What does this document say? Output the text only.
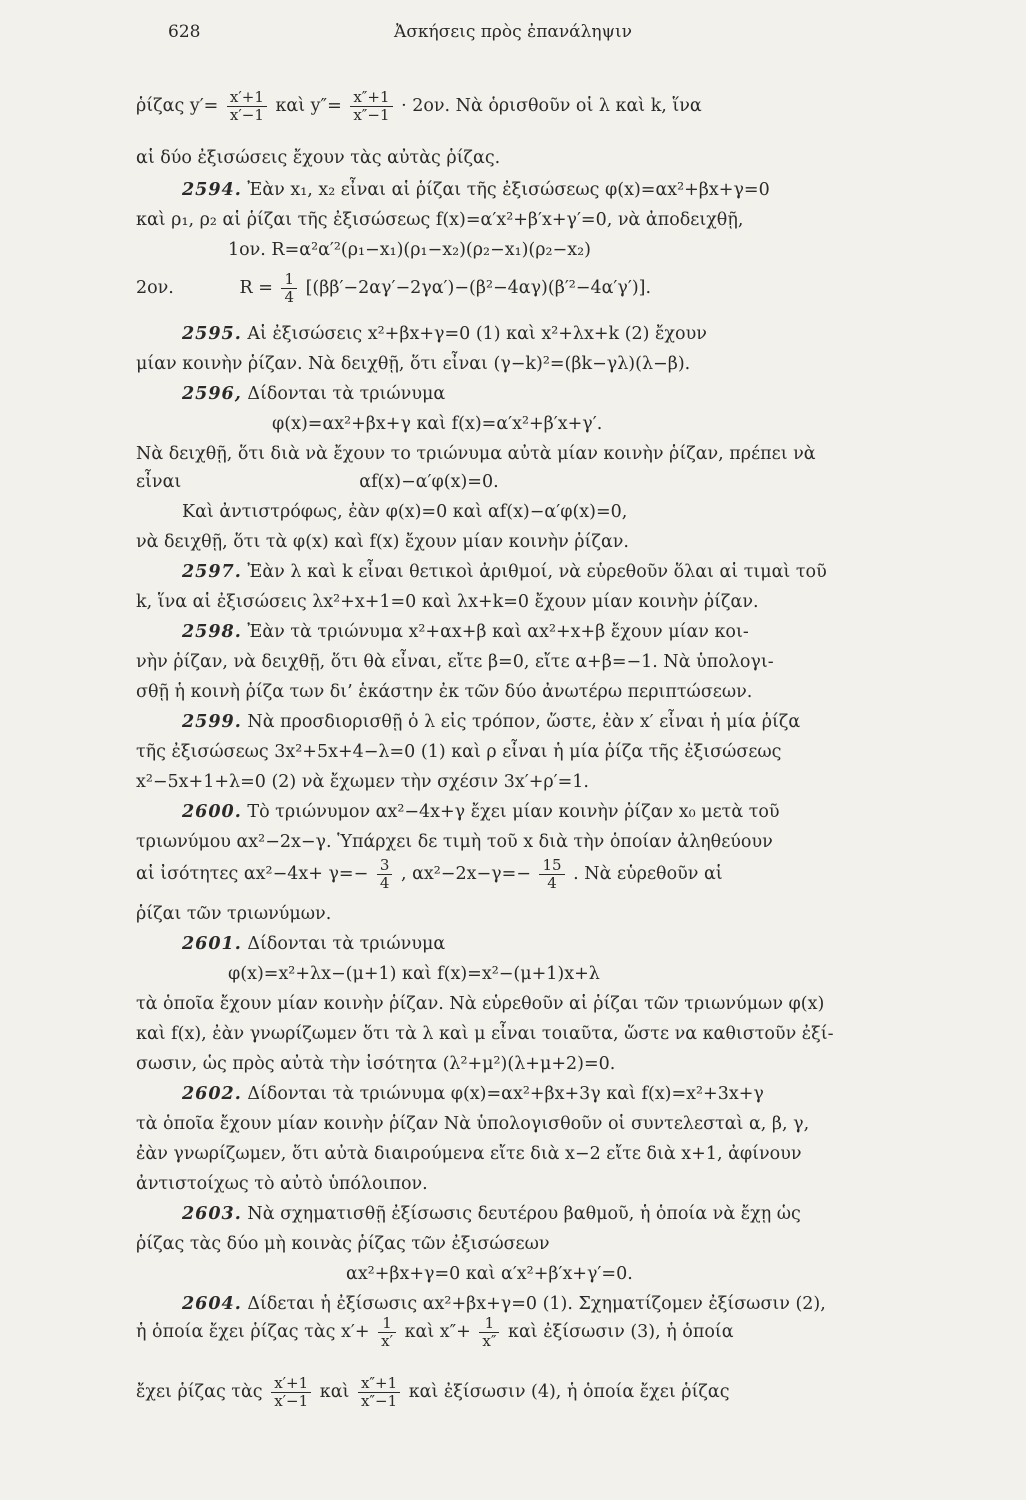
628	Ἀσκήσεις πρὸς ἐπανάληψιν
ῥίζας $y'= \frac{x'+1}{x'-1}$ καὶ $y''= \frac{x''+1}{x''-1} \cdot 2o\nu$. Νὰ ὁρισθοῦν οἱ λ καὶ k, ἵνα
αἱ δύο ἐξισώσεις ἔχουν τὰς αὐτὰς ῥίζας.
2594. Ἐὰν x₁, x₂ εἶναι αἱ ῥίζαι τῆς ἐξισώσεως φ(x)=αx²+βx+γ=0
καὶ ρ₁, ρ₂ αἱ ῥίζαι τῆς ἐξισώσεως f(x)=α′x²+β′x+γ′=0, νὰ ἀποδειχθῇ,
1ον. R=α²α′²(ρ₁−x₁)(ρ₁−x₂)(ρ₂−x₁)(ρ₂−x₂)
2ον.	$R = \frac{1}{4} [(\beta\beta'-2\alpha\gamma'-2\gamma\alpha')-(\beta^2-4\alpha\gamma)(\beta'^2-4\alpha'\gamma')]$.
2595. Αἱ ἐξισώσεις x²+βx+γ=0 (1) καὶ x²+λx+k (2) ἔχουν
μίαν κοινὴν ῥίζαν. Νὰ δειχθῇ, ὅτι εἶναι (γ−k)²=(βk−γλ)(λ−β).
2596, Δίδονται τὰ τριώνυμα
φ(x)=αx²+βx+γ καὶ f(x)=α′x²+β′x+γ′.
Νὰ δειχθῇ, ὅτι διὰ νὰ ἔχουν το τριώνυμα αὐτὰ μίαν κοινὴν ῥίζαν, πρέπει νὰ
εἶναι	αf(x)−α′φ(x)=0.
Καὶ ἀντιστρόφως, ἐὰν φ(x)=0 καὶ αf(x)−α′φ(x)=0,
νὰ δειχθῇ, ὅτι τὰ φ(x) καὶ f(x) ἔχουν μίαν κοινὴν ῥίζαν.
2597. Ἐὰν λ καὶ k εἶναι θετικοὶ ἀριθμοί, νὰ εὑρεθοῦν ὅλαι αἱ τιμαὶ τοῦ
k, ἵνα αἱ ἐξισώσεις λx²+x+1=0 καὶ λx+k=0 ἔχουν μίαν κοινὴν ῥίζαν.
2598. Ἐὰν τὰ τριώνυμα x²+αx+β καὶ αx²+x+β ἔχουν μίαν κοι-
νὴν ῥίζαν, νὰ δειχθῇ, ὅτι θὰ εἶναι, εἴτε β=0, εἴτε α+β=−1. Νὰ ὑπολογι-
σθῇ ἡ κοινὴ ῥίζα των δι’ ἑκάστην ἐκ τῶν δύο ἀνωτέρω περιπτώσεων.
2599. Νὰ προσδιορισθῇ ὁ λ εἰς τρόπον, ὥστε, ἐὰν x′ εἶναι ἡ μία ῥίζα
τῆς ἐξισώσεως 3x²+5x+4−λ=0 (1) καὶ ρ εἶναι ἡ μία ῥίζα τῆς ἐξισώσεως
x²−5x+1+λ=0 (2) νὰ ἔχωμεν τὴν σχέσιν 3x′+ρ′=1.
2600. Τὸ τριώνυμον αx²−4x+γ ἔχει μίαν κοινὴν ῥίζαν x₀ μετὰ τοῦ
τριωνύμου αx²−2x−γ. Ὑπάρχει δε τιμὴ τοῦ x διὰ τὴν ὁποίαν ἀληθεύουν
αἱ ἰσότητες $\alpha x^2-4x+ \gamma=- \frac{3}{4}$ , $\alpha x^2-2x-\gamma=- \frac{15}{4}$ . Νὰ εὑρεθοῦν αἱ
ῥίζαι τῶν τριωνύμων.
2601. Δίδονται τὰ τριώνυμα
φ(x)=x²+λx−(μ+1) καὶ f(x)=x²−(μ+1)x+λ
τὰ ὁποῖα ἔχουν μίαν κοινὴν ῥίζαν. Νὰ εὑρεθοῦν αἱ ῥίζαι τῶν τριωνύμων φ(x)
καὶ f(x), ἐὰν γνωρίζωμεν ὅτι τὰ λ καὶ μ εἶναι τοιαῦτα, ὥστε να καθιστοῦν ἐξί-
σωσιν, ὡς πρὸς αὐτὰ τὴν ἰσότητα (λ²+μ²)(λ+μ+2)=0.
2602. Δίδονται τὰ τριώνυμα φ(x)=αx²+βx+3γ καὶ f(x)=x²+3x+γ
τὰ ὁποῖα ἔχουν μίαν κοινὴν ῥίζαν Νὰ ὑπολογισθοῦν οἱ συντελεσταὶ α, β, γ,
ἐὰν γνωρίζωμεν, ὅτι αὐτὰ διαιρούμενα εἴτε διὰ x−2 εἴτε διὰ x+1, ἀφίνουν
ἀντιστοίχως τὸ αὐτὸ ὑπόλοιπον.
2603. Νὰ σχηματισθῇ ἐξίσωσις δευτέρου βαθμοῦ, ἡ ὁποία νὰ ἔχῃ ὡς
ῥίζας τὰς δύο μὴ κοινὰς ῥίζας τῶν ἐξισώσεων
αx²+βx+γ=0 καὶ α′x²+β′x+γ′=0.
2604. Δίδεται ἡ ἐξίσωσις αx²+βx+γ=0 (1). Σχηματίζομεν ἐξίσωσιν (2),
ἡ ὁποία ἔχει ῥίζας τὰς $x'+ \frac{1}{x'}$ καὶ $x''+ \frac{1}{x''}$ καὶ ἐξίσωσιν (3), ἡ ὁποία
ἔχει ῥίζας τὰς $\frac{x'+1}{x'-1}$ καὶ $\frac{x''+1}{x''-1}$ καὶ ἐξίσωσιν (4), ἡ ὁποία ἔχει ῥίζας
